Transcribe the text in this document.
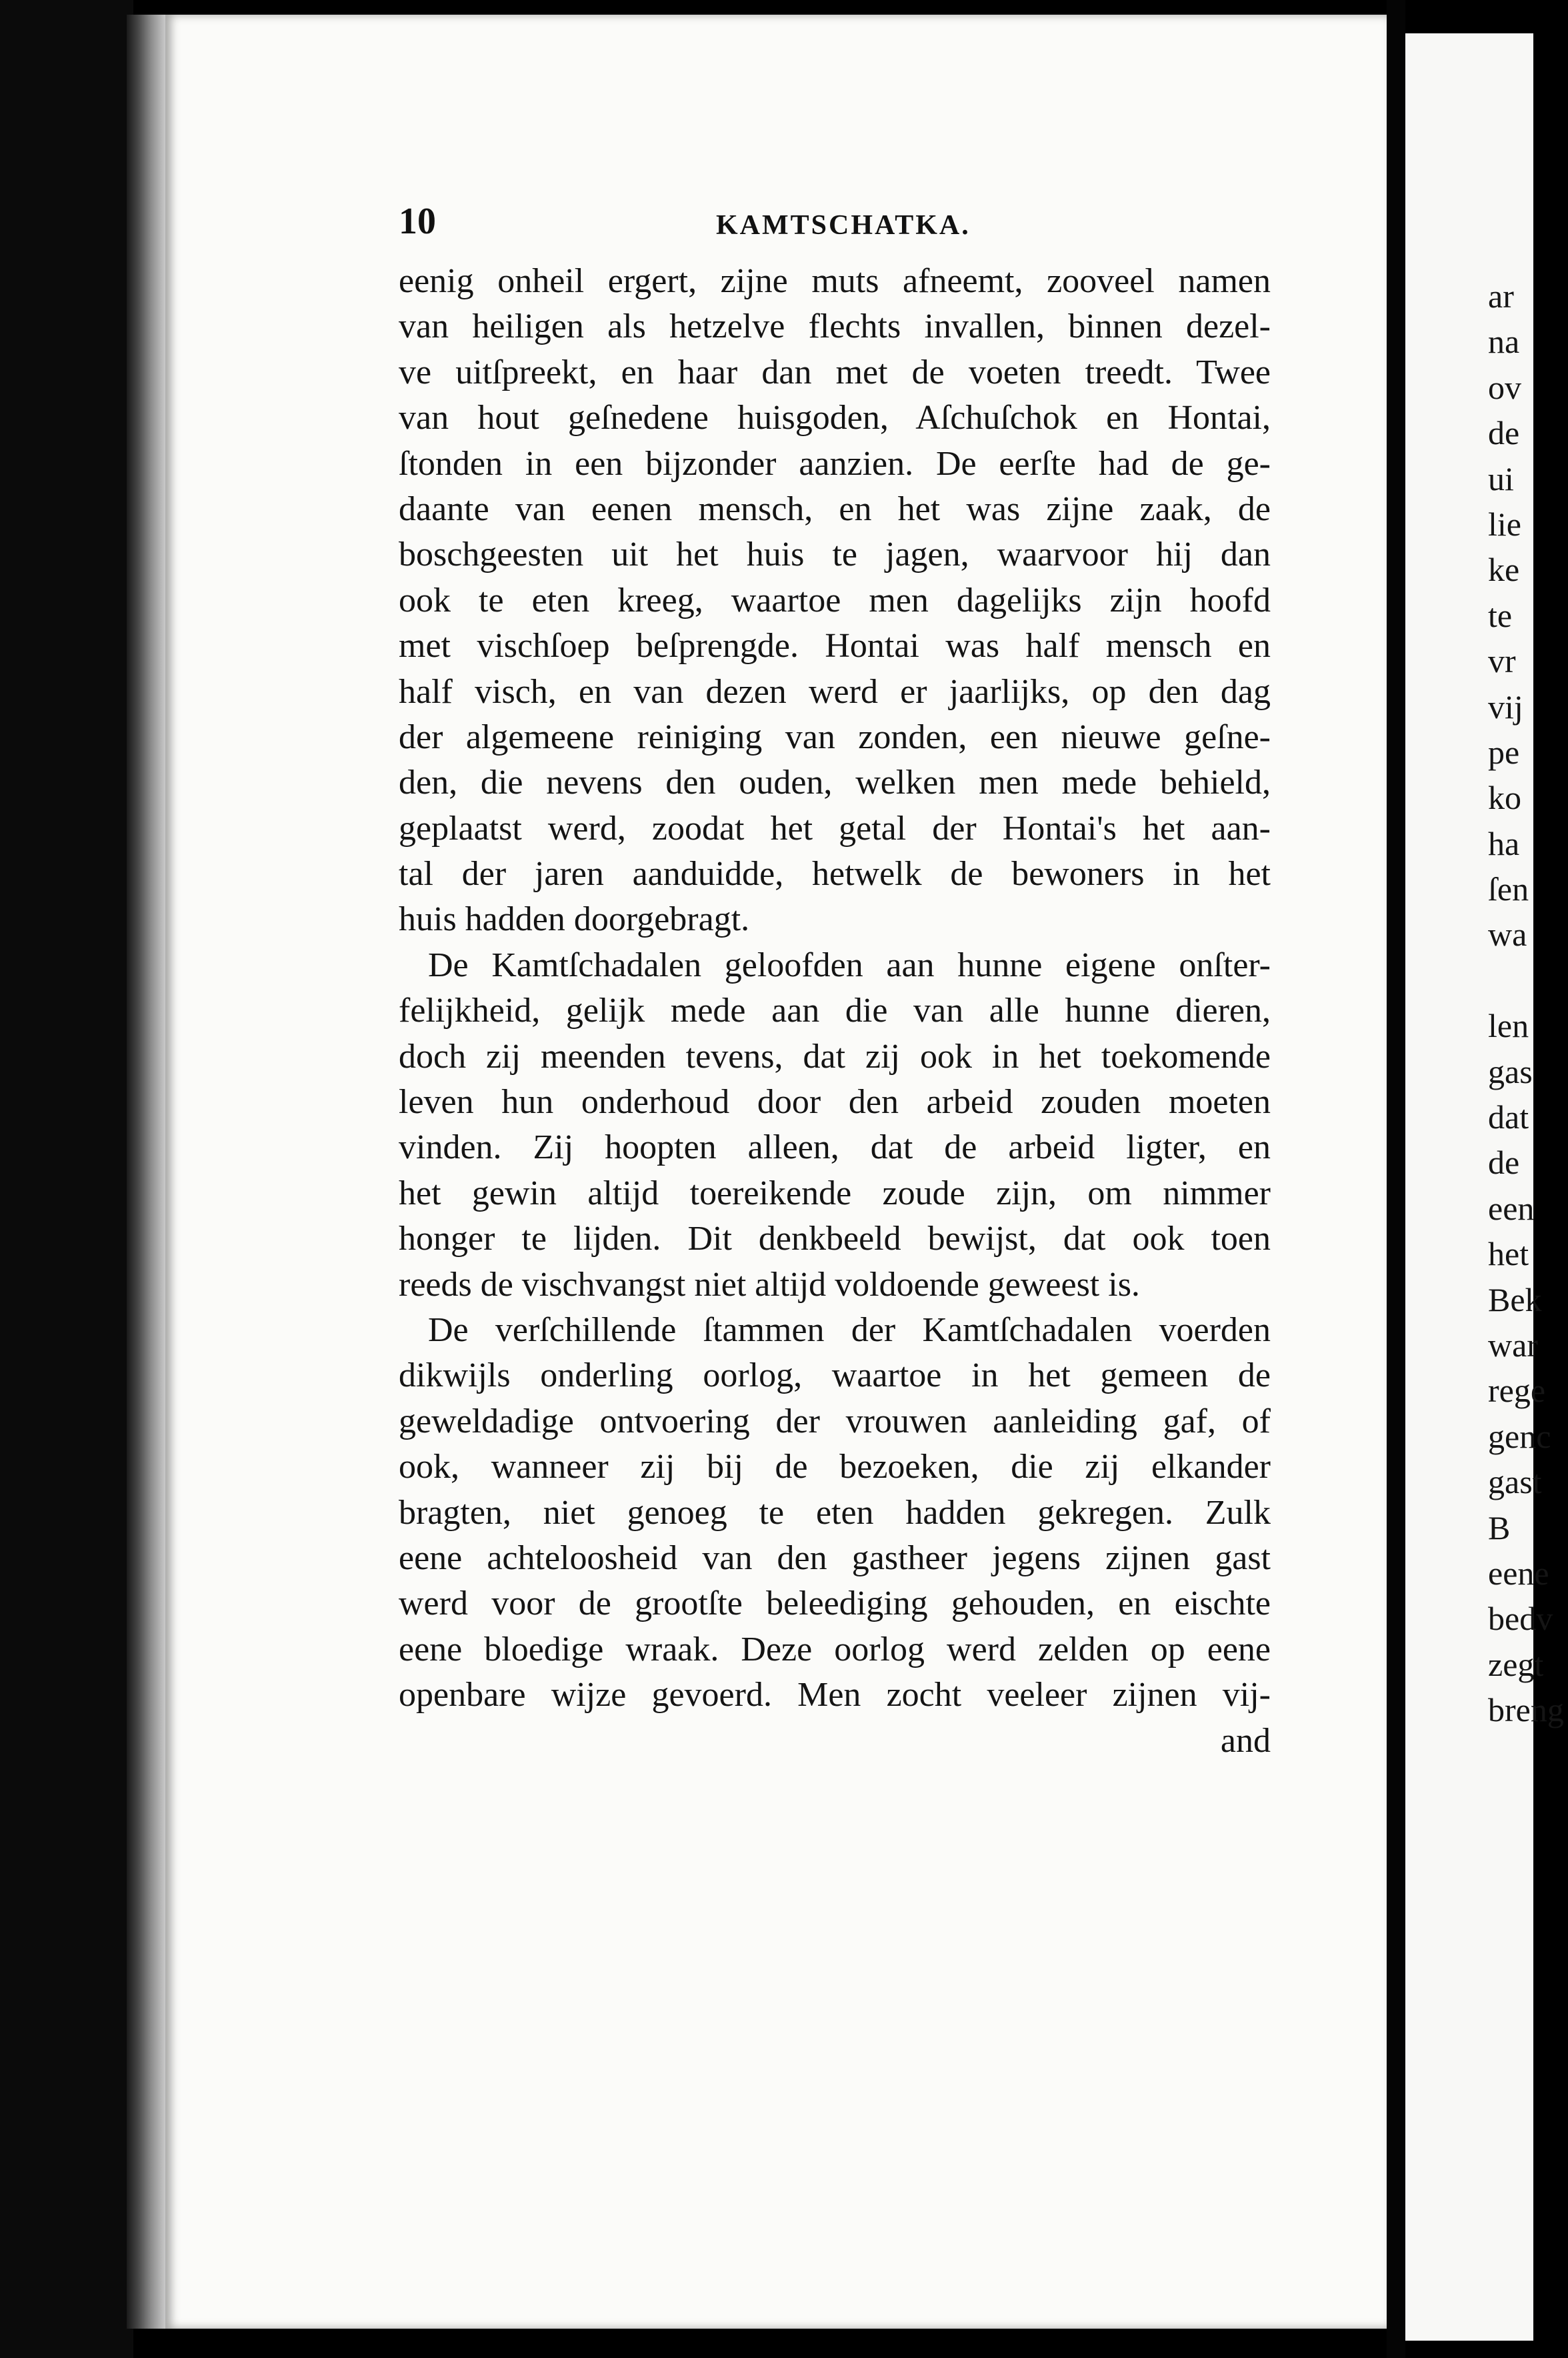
10	KAMTSCHATKA.
eenig onheil ergert, zijne muts afneemt, zooveel namen
van heiligen als hetzelve flechts invallen, binnen dezel-
ve uitſpreekt, en haar dan met de voeten treedt. Twee
van hout geſnedene huisgoden, Aſchuſchok en Hontai,
ſtonden in een bijzonder aanzien. De eerſte had de ge-
daante van eenen mensch, en het was zijne zaak, de
boschgeesten uit het huis te jagen, waarvoor hij dan
ook te eten kreeg, waartoe men dagelijks zijn hoofd
met vischſoep beſprengde. Hontai was half mensch en
half visch, en van dezen werd er jaarlijks, op den dag
der algemeene reiniging van zonden, een nieuwe geſne-
den, die nevens den ouden, welken men mede behield,
geplaatst werd, zoodat het getal der Hontai's het aan-
tal der jaren aanduidde, hetwelk de bewoners in het
huis hadden doorgebragt.
De Kamtſchadalen geloofden aan hunne eigene onſter-
felijkheid, gelijk mede aan die van alle hunne dieren,
doch zij meenden tevens, dat zij ook in het toekomende
leven hun onderhoud door den arbeid zouden moeten
vinden. Zij hoopten alleen, dat de arbeid ligter, en
het gewin altijd toereikende zoude zijn, om nimmer
honger te lijden. Dit denkbeeld bewijst, dat ook toen
reeds de vischvangst niet altijd voldoende geweest is.
De verſchillende ſtammen der Kamtſchadalen voerden
dikwijls onderling oorlog, waartoe in het gemeen de
geweldadige ontvoering der vrouwen aanleiding gaf, of
ook, wanneer zij bij de bezoeken, die zij elkander
bragten, niet genoeg te eten hadden gekregen. Zulk
eene achteloosheid van den gastheer jegens zijnen gast
werd voor de grootſte beleediging gehouden, en eischte
eene bloedige wraak. Deze oorlog werd zelden op eene
openbare wijze gevoerd. Men zocht veeleer zijnen vij-
and
ar
na
ov
de
ui
lie
ke
te
vr
vij
pe
ko
ha
ſen
wa
len
gas
dat
de
een
het
Bek
war
rege
genc
gast
B
eene
bedv
zegt
breng
